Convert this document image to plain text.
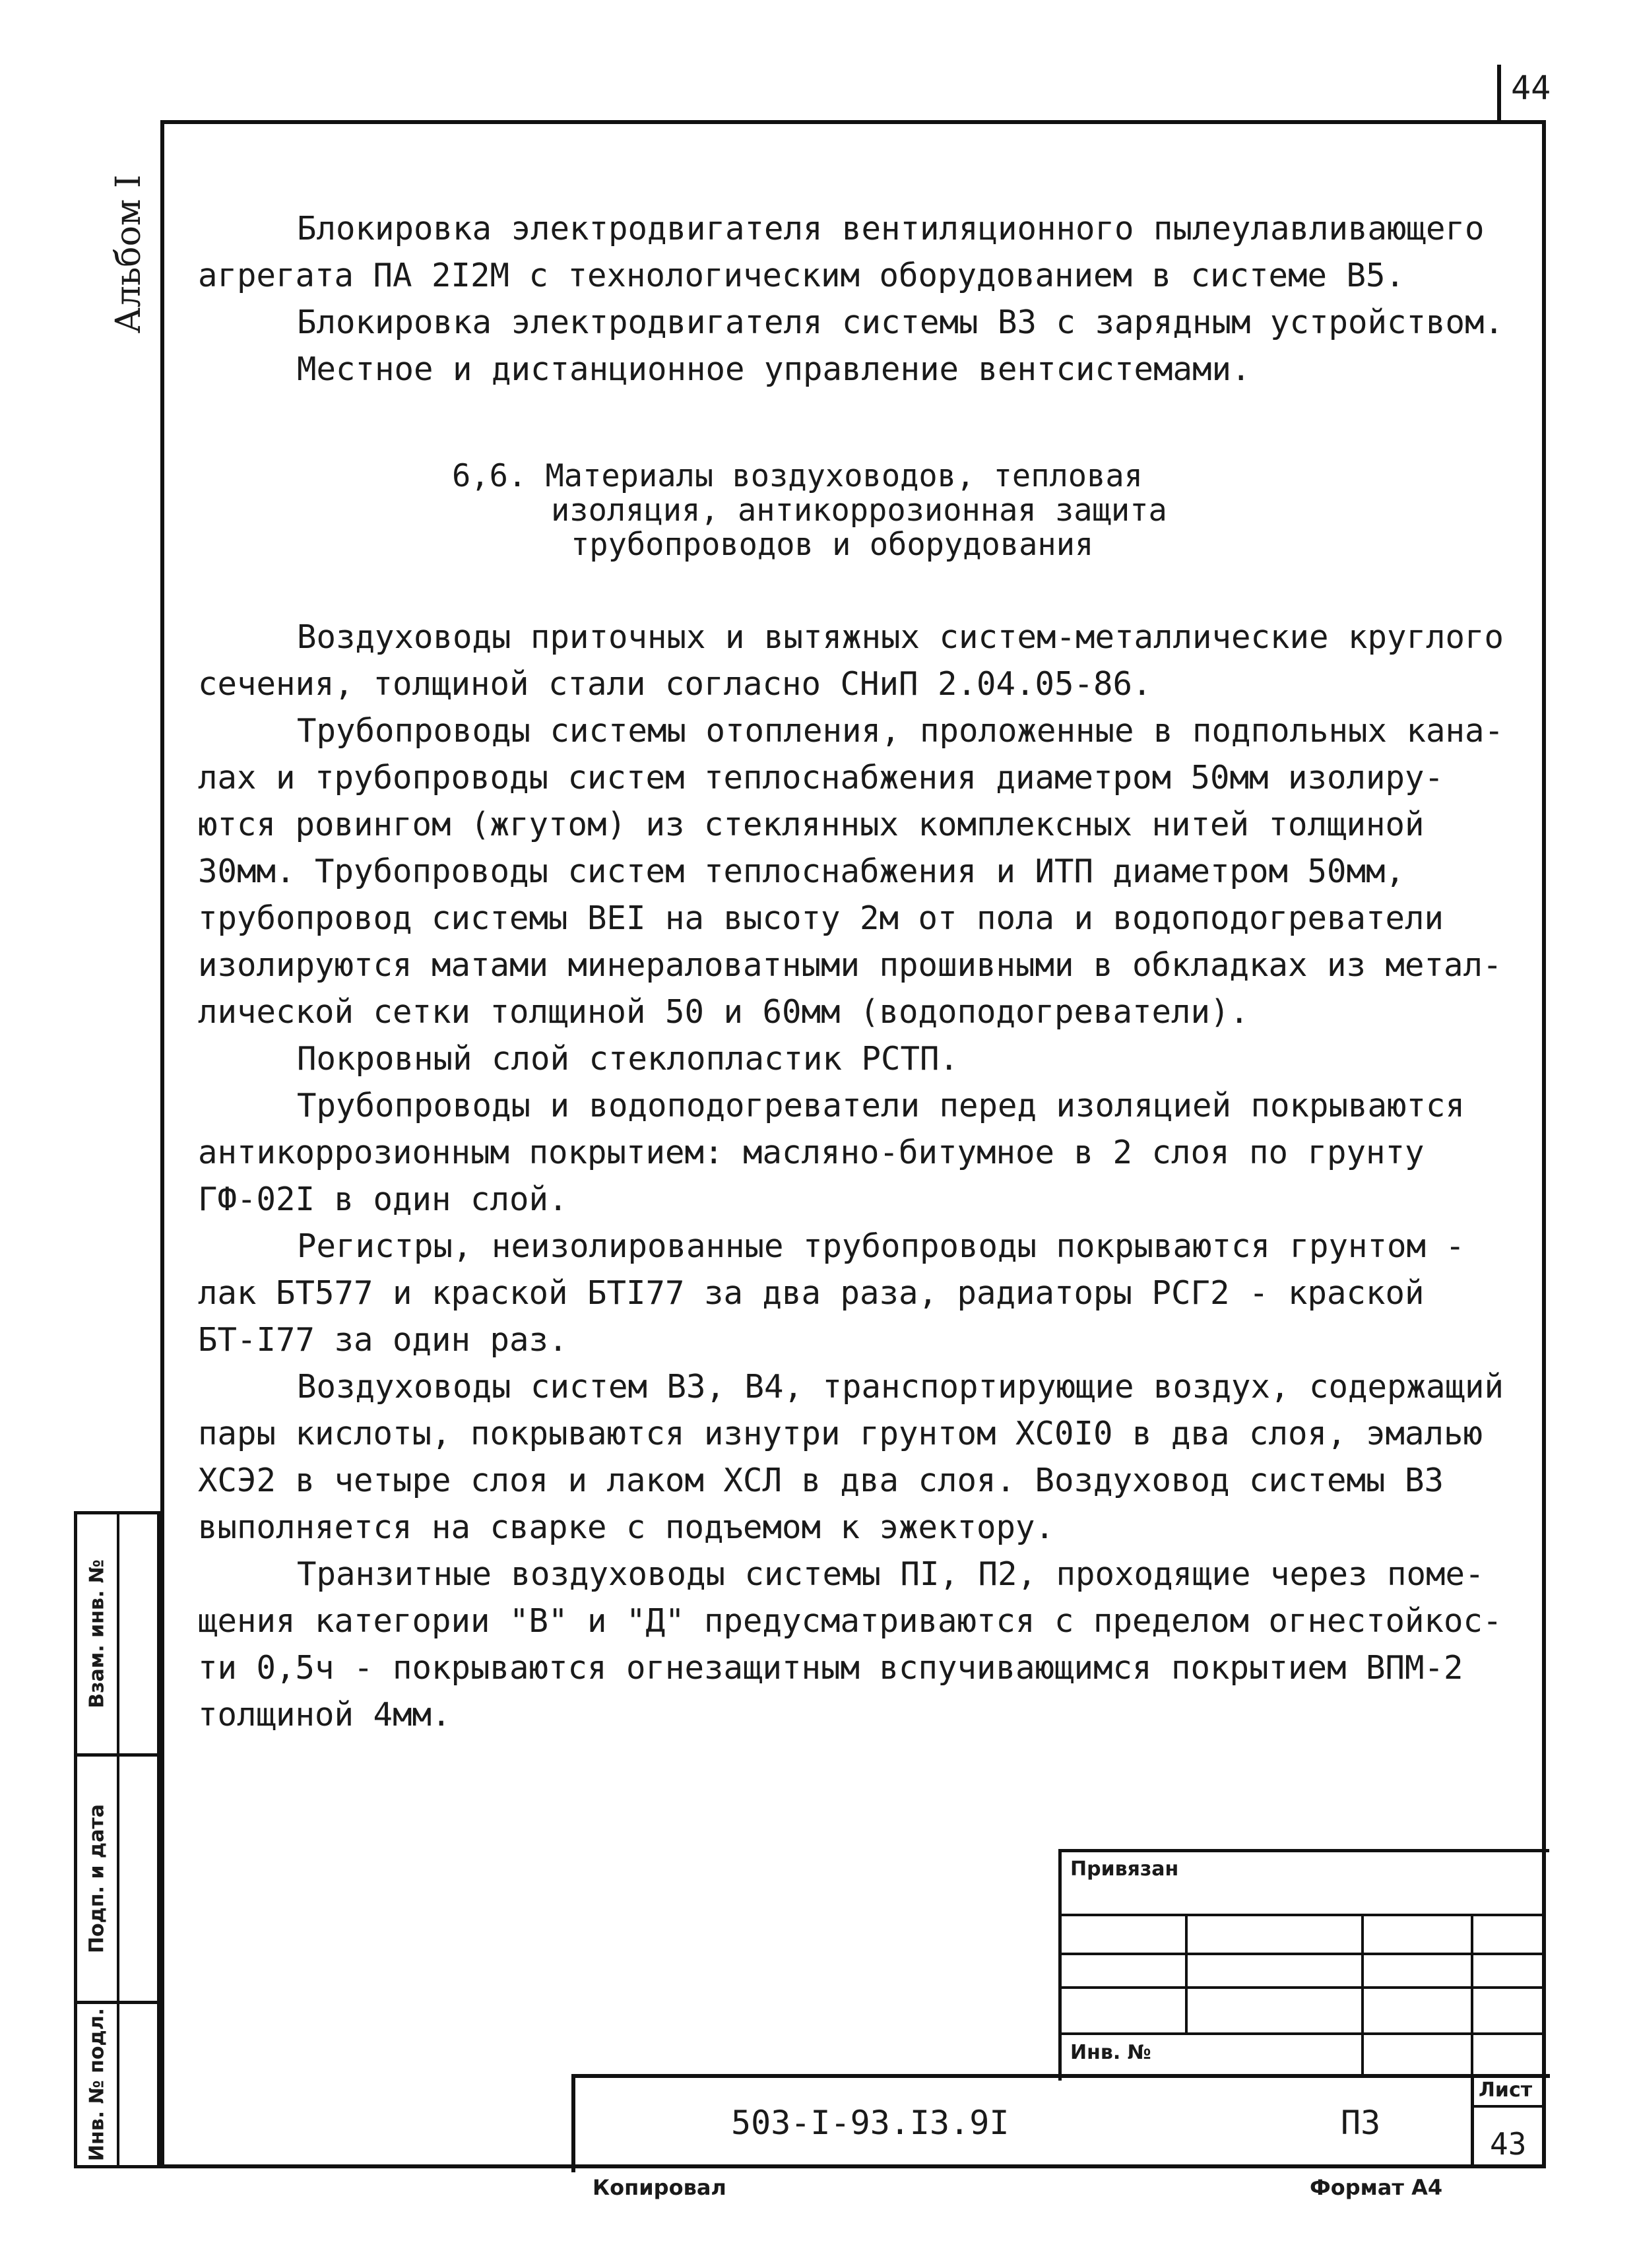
44
Альбом I	Блокировка электродвигателя вентиляционного пылеулавливающего

агрегата ПА 2I2М с технологическим оборудованием в системе В5.

Блокировка электродвигателя системы В3 с зарядным устройством.

Местное и дистанционное управление вентсистемами.

6,6. Материалы воздуховодов, тепловая
изоляция, антикоррозионная защита
трубопроводов и оборудования

Воздуховоды приточных и вытяжных систем-металлические круглого

сечения, толщиной стали согласно СНиП 2.04.05-86.

Трубопроводы системы отопления, проложенные в подпольных кана-

лах и трубопроводы систем теплоснабжения диаметром 50мм изолиру-

ются ровингом (жгутом) из стеклянных комплексных нитей толщиной

30мм. Трубопроводы систем теплоснабжения и ИТП диаметром 50мм,

трубопровод системы ВЕI на высоту 2м от пола и водоподогреватели

изолируются матами минераловатными прошивными в обкладках из метал-

лической сетки толщиной 50 и 60мм (водоподогреватели).

Покровный слой стеклопластик РСТП.

Трубопроводы и водоподогреватели перед изоляцией покрываются

антикоррозионным покрытием: масляно-битумное в 2 слоя по грунту

ГФ-02I в один слой.

Регистры, неизолированные трубопроводы покрываются грунтом -

лак БТ577 и краской БТI77 за два раза, радиаторы РСГ2 - краской

БТ-I77 за один раз.

Воздуховоды систем В3, В4, транспортирующие воздух, содержащий

пары кислоты, покрываются изнутри грунтом ХС0I0 в два слоя, эмалью

ХСЭ2 в четыре слоя и лаком ХСЛ в два слоя. Воздуховод системы В3

выполняется на сварке с подъемом к эжектору.

Транзитные воздуховоды системы ПI, П2, проходящие через поме-

щения категории "В" и "Д" предусматриваются с пределом огнестойкос-

ти 0,5ч - покрываются огнезащитным вспучивающимся покрытием ВПМ-2

толщиной 4мм.

Взам. инв. №
Подп. и дата
Инв. № подл.
Привязан
Инв. №
503-I-93.I3.9I	ПЗ
Лист
43
Копировал	Формат А4
